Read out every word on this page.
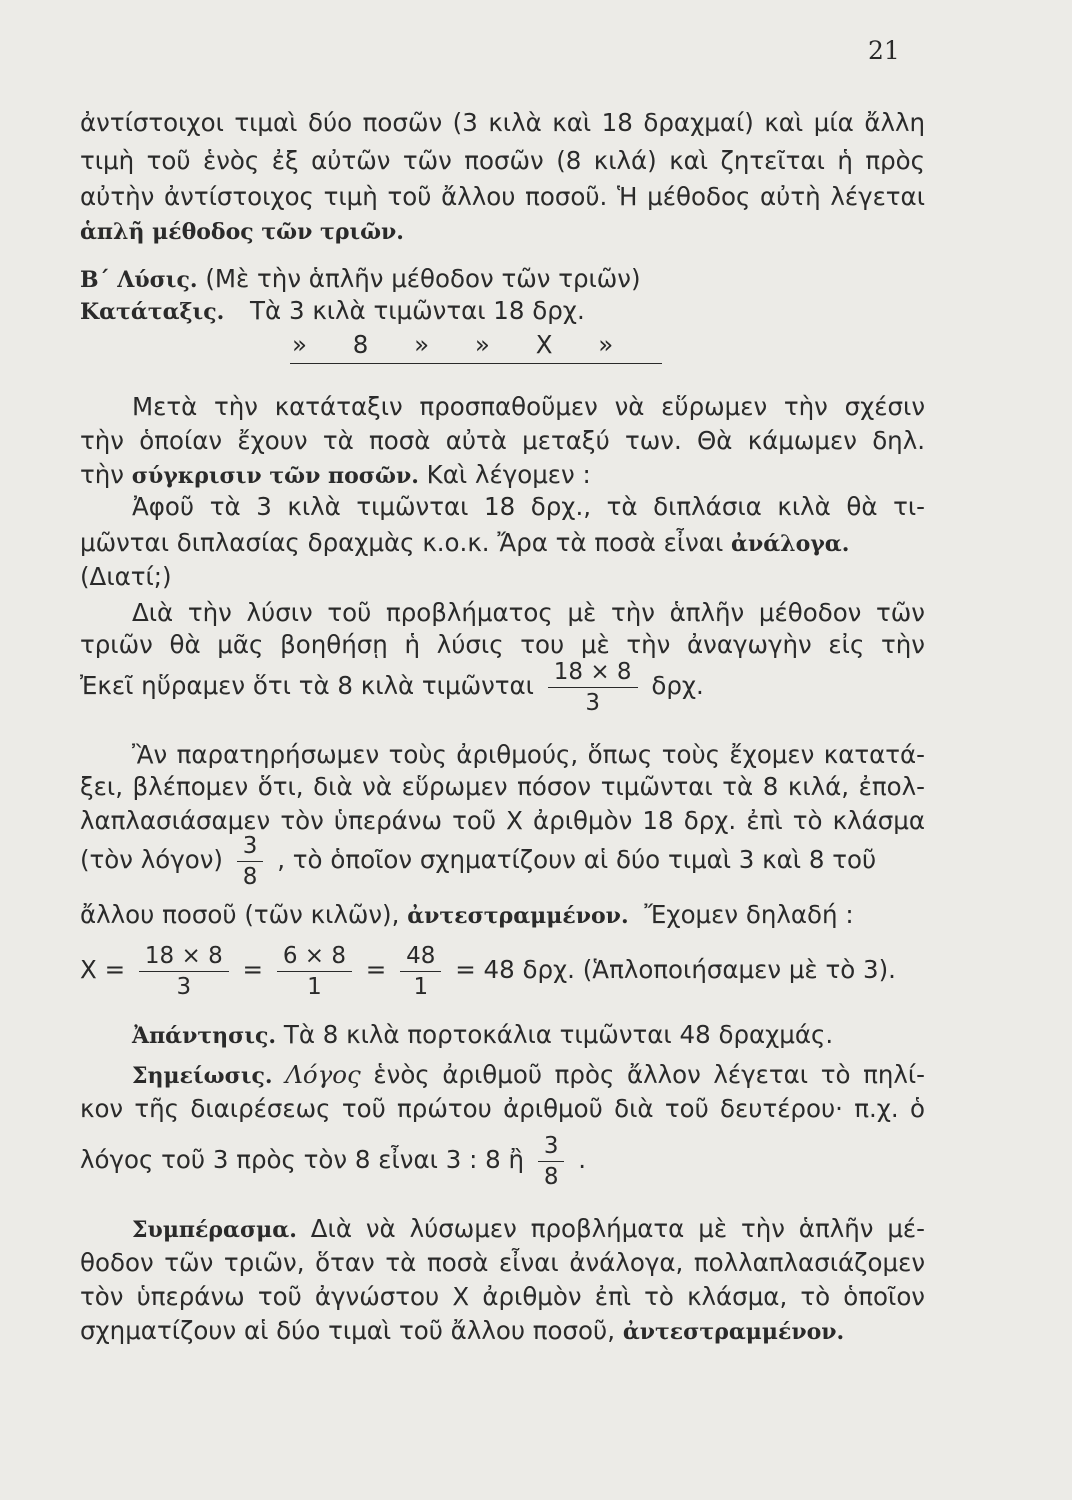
21
ἀντίστοιχοι τιμαὶ δύο ποσῶν (3 κιλὰ καὶ 18 δραχμαί) καὶ μία ἄλλη
τιμὴ τοῦ ἑνὸς ἐξ αὐτῶν τῶν ποσῶν (8 κιλά) καὶ ζητεῖται ἡ πρὸς
αὐτὴν ἀντίστοιχος τιμὴ τοῦ ἄλλου ποσοῦ. Ἡ μέθοδος αὐτὴ λέγεται
ἁπλῆ μέθοδος τῶν τριῶν.
Β΄ Λύσις. (Μὲ τὴν ἁπλῆν μέθοδον τῶν τριῶν)
Κατάταξις. Τὰ 3 κιλὰ τιμῶνται 18 δρχ.
» 8 » » Χ »
Μετὰ τὴν κατάταξιν προσπαθοῦμεν νὰ εὕρωμεν τὴν σχέσιν
τὴν ὁποίαν ἔχουν τὰ ποσὰ αὐτὰ μεταξύ των. Θὰ κάμωμεν δηλ.
τὴν σύγκρισιν τῶν ποσῶν. Καὶ λέγομεν :
Ἀφοῦ τὰ 3 κιλὰ τιμῶνται 18 δρχ., τὰ διπλάσια κιλὰ θὰ τι-
μῶνται διπλασίας δραχμὰς κ.ο.κ. Ἄρα τὰ ποσὰ εἶναι ἀνάλογα.
(Διατί;)
Διὰ τὴν λύσιν τοῦ προβλήματος μὲ τὴν ἁπλῆν μέθοδον τῶν
τριῶν θὰ μᾶς βοηθήσῃ ἡ λύσις του μὲ τὴν ἀναγωγὴν εἰς τὴν
Ἐκεῖ ηὕραμεν ὅτι τὰ 8 κιλὰ τιμῶνται $\frac{18 \times 8}{3} \delta\rho\chi$.
Ἂν παρατηρήσωμεν τοὺς ἀριθμούς, ὅπως τοὺς ἔχομεν κατατά-
ξει, βλέπομεν ὅτι, διὰ νὰ εὕρωμεν πόσον τιμῶνται τὰ 8 κιλά, ἐπολ-
λαπλασιάσαμεν τὸν ὑπεράνω τοῦ Χ ἀριθμὸν 18 δρχ. ἐπὶ τὸ κλάσμα
(τὸν $\lambda ό\gamma o\nu) \frac{3}{8}$ , τὸ ὁποῖον σχηματίζουν αἱ δύο τιμαὶ 3 καὶ 8 τοῦ
ἄλλου ποσοῦ (τῶν κιλῶν), ἀντεστραμμένον. Ἔχομεν δηλαδή :
$X = \frac{18 \times 8}{3} = \frac{6 \times 8}{1} = \frac{48}{1} = 48$ δρχ. (Ἁπλοποιήσαμεν μὲ τὸ 3).
Ἀπάντησις. Τὰ 8 κιλὰ πορτοκάλια τιμῶνται 48 δραχμάς.
Σημείωσις. Λόγος ἑνὸς ἀριθμοῦ πρὸς ἄλλον λέγεται τὸ πηλί-
κον τῆς διαιρέσεως τοῦ πρώτου ἀριθμοῦ διὰ τοῦ δευτέρου· π.χ. ὁ
λόγος τοῦ 3 πρὸς τὸν 8 εἶναι 3 : 8 ἢ $\frac{3}{8}$ .
Συμπέρασμα. Διὰ νὰ λύσωμεν προβλήματα μὲ τὴν ἁπλῆν μέ-
θοδον τῶν τριῶν, ὅταν τὰ ποσὰ εἶναι ἀνάλογα, πολλαπλασιάζομεν
τὸν ὑπεράνω τοῦ ἀγνώστου Χ ἀριθμὸν ἐπὶ τὸ κλάσμα, τὸ ὁποῖον
σχηματίζουν αἱ δύο τιμαὶ τοῦ ἄλλου ποσοῦ, ἀντεστραμμένον.
